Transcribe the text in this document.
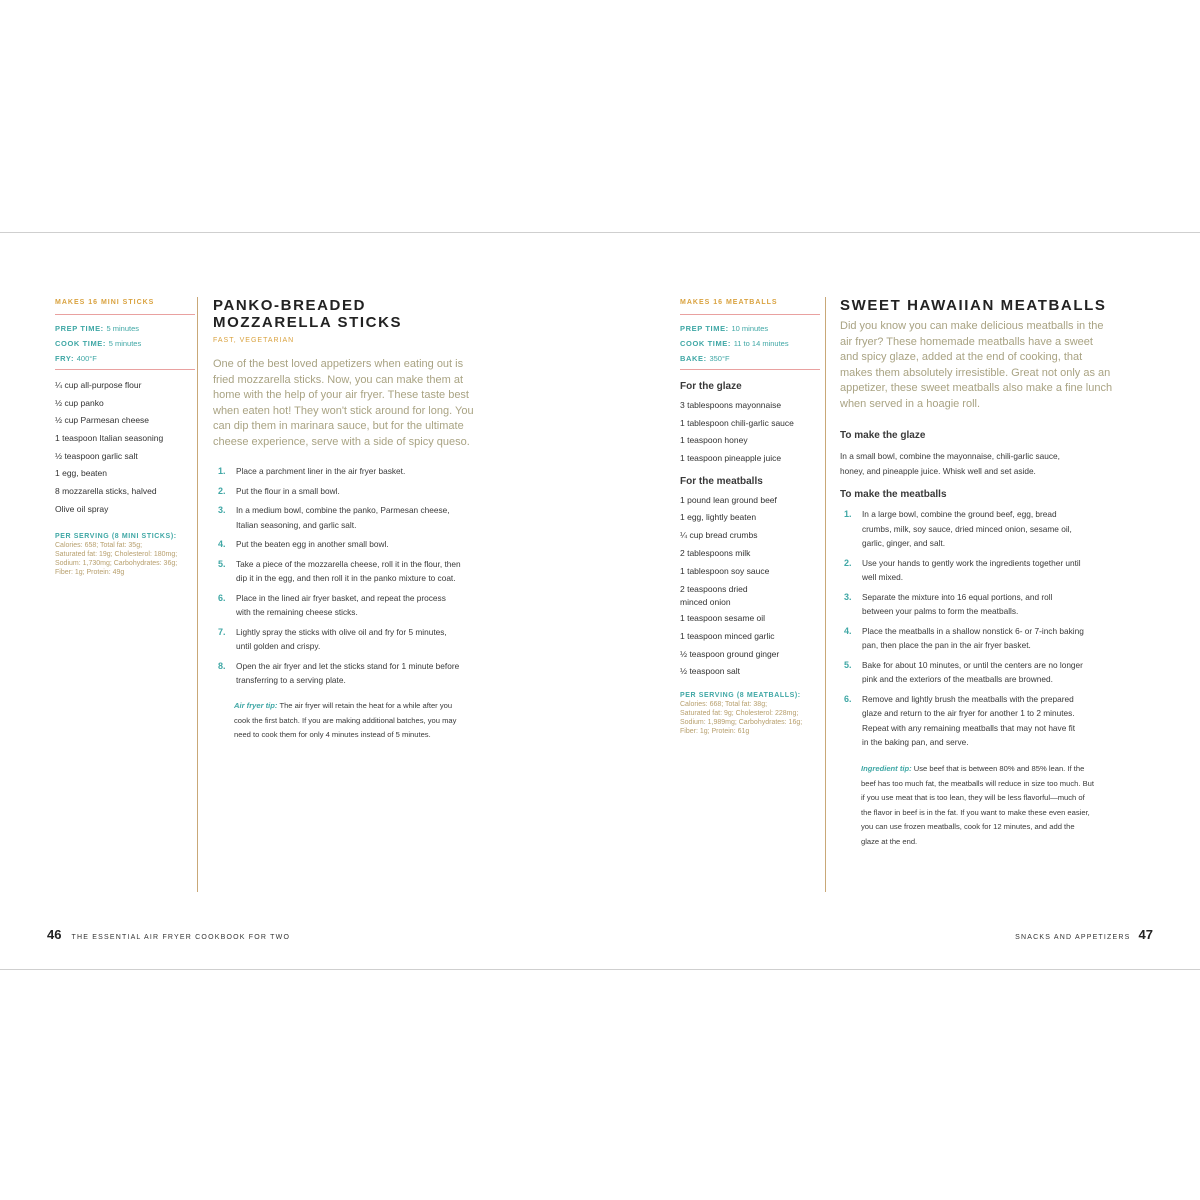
MAKES 16 MINI STICKS
PREP TIME: 5 minutes
COOK TIME: 5 minutes
FRY: 400°F
¼ cup all-purpose flour
½ cup panko
½ cup Parmesan cheese
1 teaspoon Italian seasoning
½ teaspoon garlic salt
1 egg, beaten
8 mozzarella sticks, halved
Olive oil spray
PER SERVING (8 MINI STICKS):
Calories: 658; Total fat: 35g;
Saturated fat: 19g; Cholesterol: 180mg;
Sodium: 1,730mg; Carbohydrates: 36g;
Fiber: 1g; Protein: 49g
PANKO-BREADED
MOZZARELLA STICKS
FAST, VEGETARIAN
One of the best loved appetizers when eating out is
fried mozzarella sticks. Now, you can make them at
home with the help of your air fryer. These taste best
when eaten hot! They won't stick around for long. You
can dip them in marinara sauce, but for the ultimate
cheese experience, serve with a side of spicy queso.
1.	Place a parchment liner in the air fryer basket.
2.	Put the flour in a small bowl.
3.	In a medium bowl, combine the panko, Parmesan cheese,
Italian seasoning, and garlic salt.
4.	Put the beaten egg in another small bowl.
5.	Take a piece of the mozzarella cheese, roll it in the flour, then
dip it in the egg, and then roll it in the panko mixture to coat.
6.	Place in the lined air fryer basket, and repeat the process
with the remaining cheese sticks.
7.	Lightly spray the sticks with olive oil and fry for 5 minutes,
until golden and crispy.
8.	Open the air fryer and let the sticks stand for 1 minute before
transferring to a serving plate.
Air fryer tip: The air fryer will retain the heat for a while after you
cook the first batch. If you are making additional batches, you may
need to cook them for only 4 minutes instead of 5 minutes.
MAKES 16 MEATBALLS
PREP TIME: 10 minutes
COOK TIME: 11 to 14 minutes
BAKE: 350°F
For the glaze
3 tablespoons mayonnaise
1 tablespoon chili-garlic sauce
1 teaspoon honey
1 teaspoon pineapple juice
For the meatballs
1 pound lean ground beef
1 egg, lightly beaten
¼ cup bread crumbs
2 tablespoons milk
1 tablespoon soy sauce
2 teaspoons dried
minced onion
1 teaspoon sesame oil
1 teaspoon minced garlic
½ teaspoon ground ginger
½ teaspoon salt
PER SERVING (8 MEATBALLS):
Calories: 668; Total fat: 38g;
Saturated fat: 9g; Cholesterol: 228mg;
Sodium: 1,989mg; Carbohydrates: 16g;
Fiber: 1g; Protein: 61g
SWEET HAWAIIAN MEATBALLS
Did you know you can make delicious meatballs in the
air fryer? These homemade meatballs have a sweet
and spicy glaze, added at the end of cooking, that
makes them absolutely irresistible. Great not only as an
appetizer, these sweet meatballs also make a fine lunch
when served in a hoagie roll.
To make the glaze
In a small bowl, combine the mayonnaise, chili-garlic sauce,
honey, and pineapple juice. Whisk well and set aside.
To make the meatballs
1.	In a large bowl, combine the ground beef, egg, bread
crumbs, milk, soy sauce, dried minced onion, sesame oil,
garlic, ginger, and salt.
2.	Use your hands to gently work the ingredients together until
well mixed.
3.	Separate the mixture into 16 equal portions, and roll
between your palms to form the meatballs.
4.	Place the meatballs in a shallow nonstick 6- or 7-inch baking
pan, then place the pan in the air fryer basket.
5.	Bake for about 10 minutes, or until the centers are no longer
pink and the exteriors of the meatballs are browned.
6.	Remove and lightly brush the meatballs with the prepared
glaze and return to the air fryer for another 1 to 2 minutes.
Repeat with any remaining meatballs that may not have fit
in the baking pan, and serve.
Ingredient tip: Use beef that is between 80% and 85% lean. If the
beef has too much fat, the meatballs will reduce in size too much. But
if you use meat that is too lean, they will be less flavorful—much of
the flavor in beef is in the fat. If you want to make these even easier,
you can use frozen meatballs, cook for 12 minutes, and add the
glaze at the end.
46 THE ESSENTIAL AIR FRYER COOKBOOK FOR TWO	SNACKS AND APPETIZERS 47
